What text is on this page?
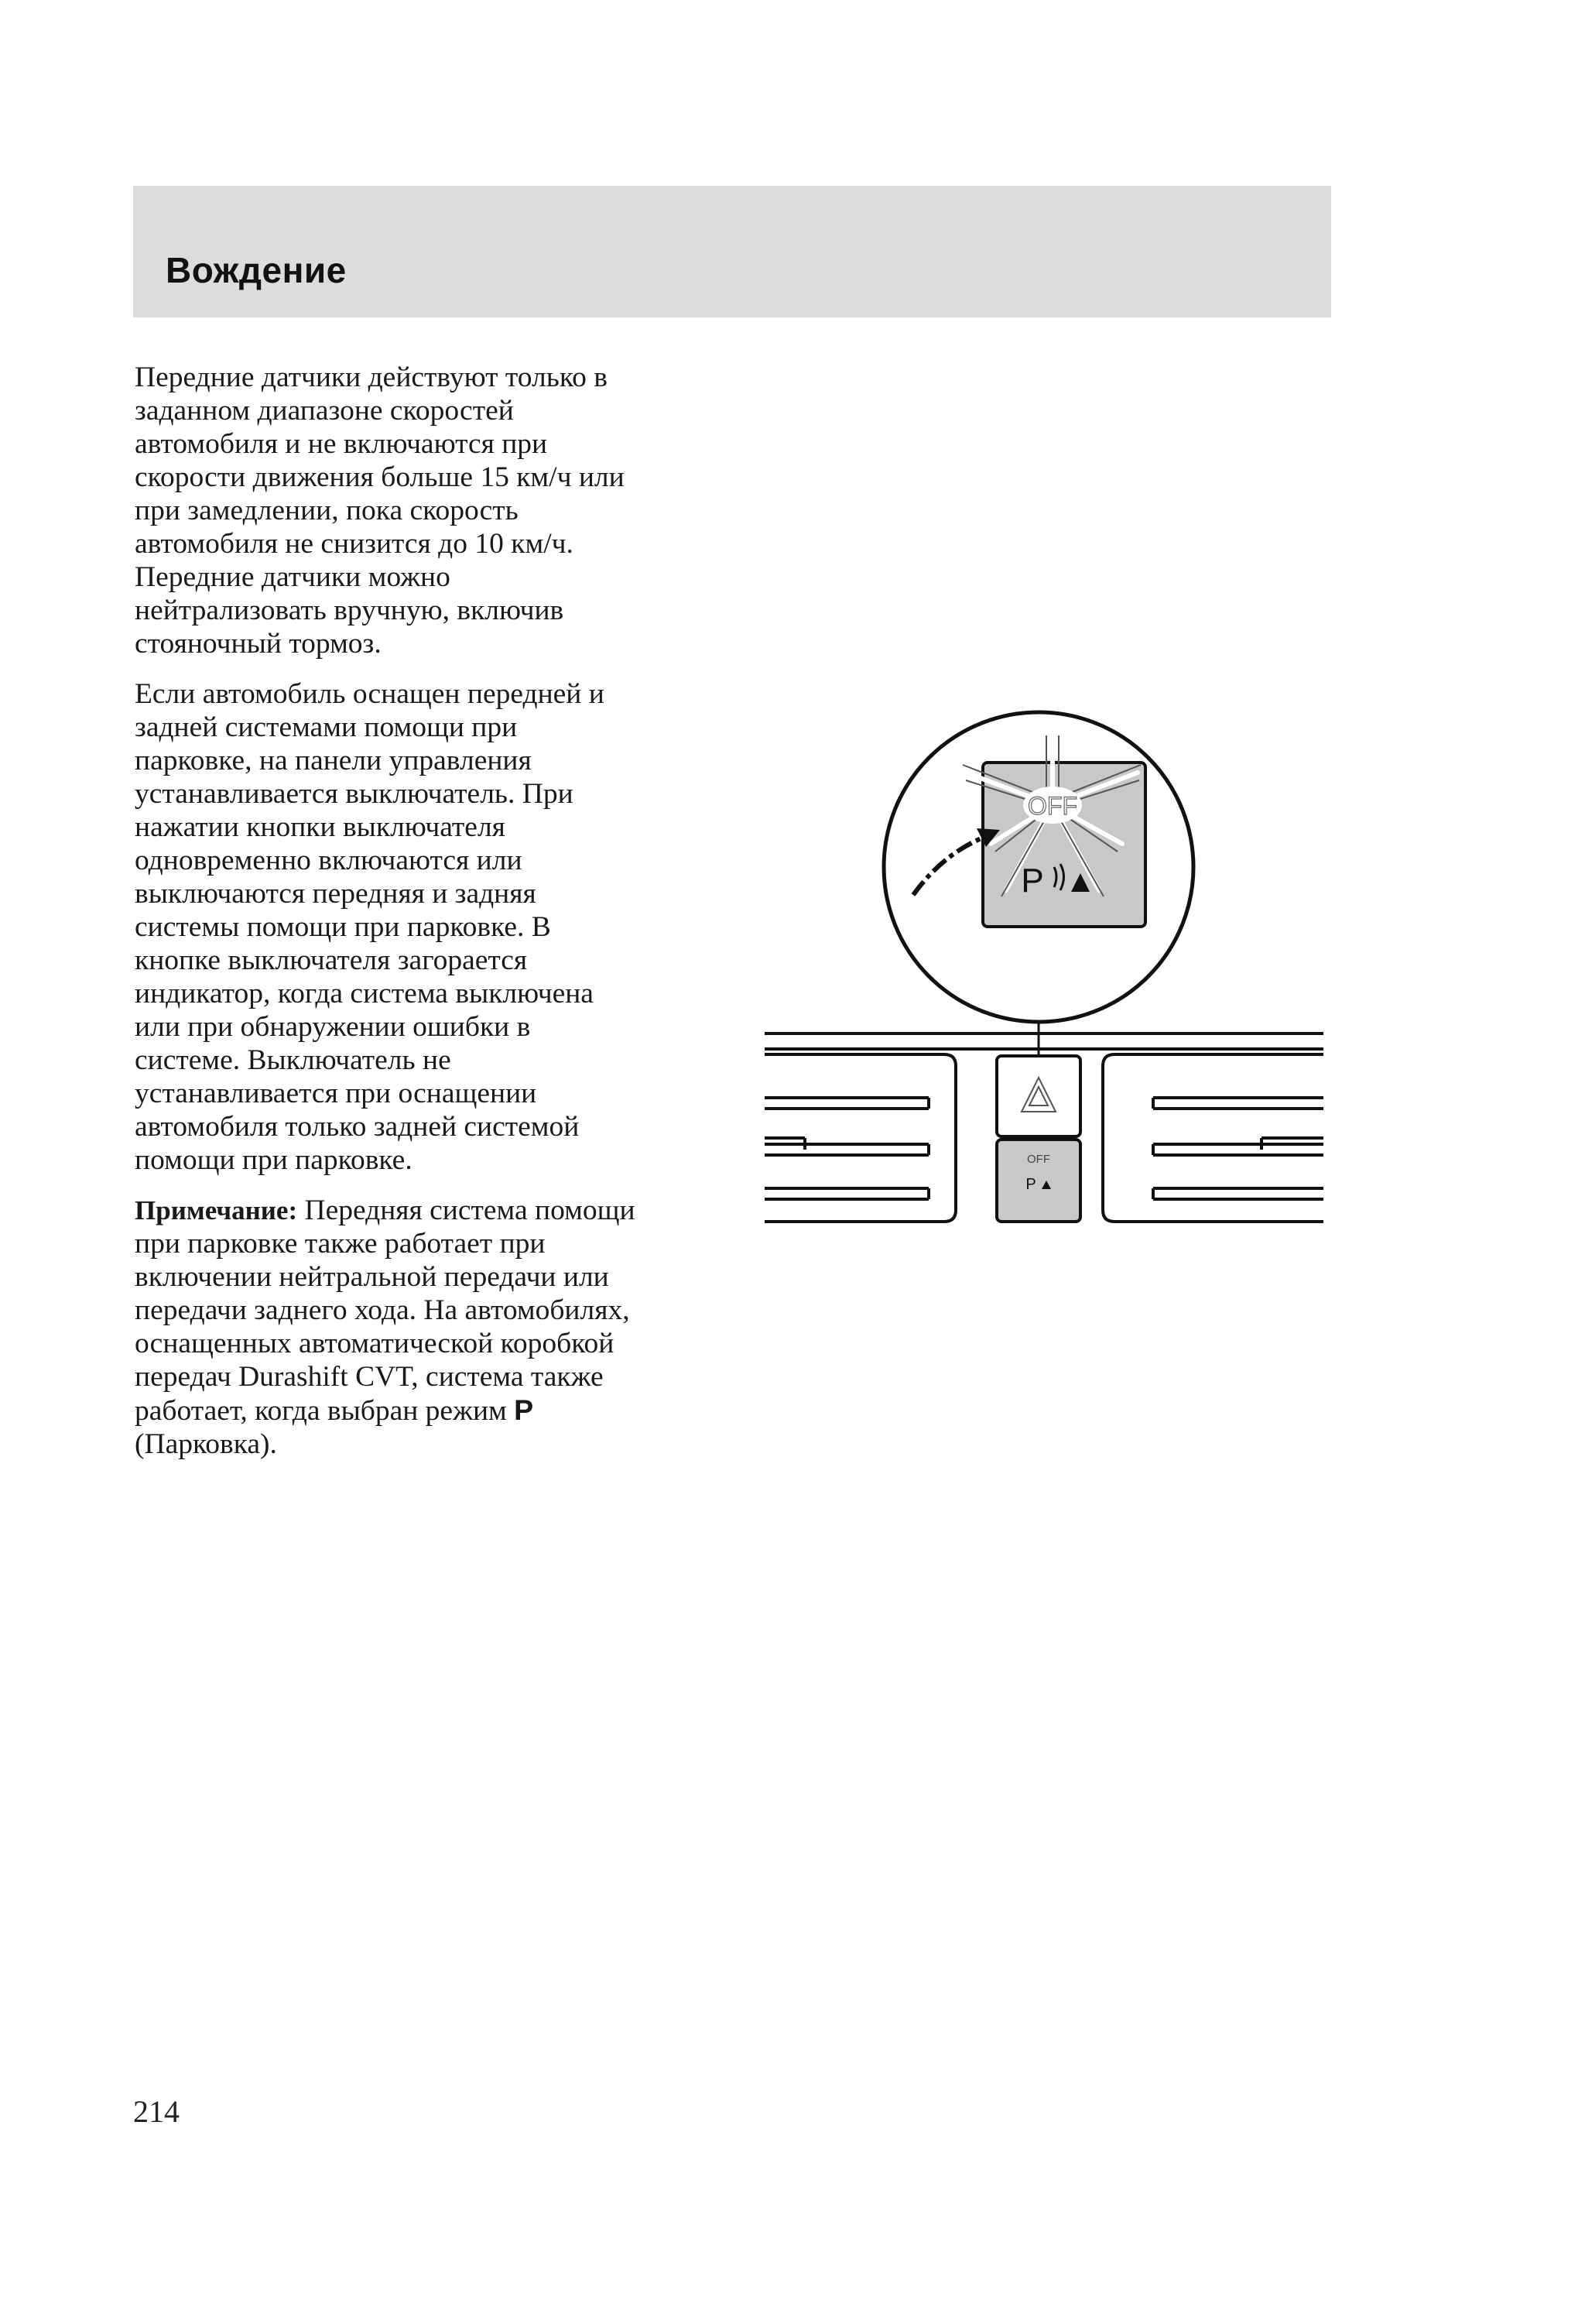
Вождение

Передние датчики действуют только в
заданном диапазоне скоростей
автомобиля и не включаются при
скорости движения больше 15 км/ч или
при замедлении, пока скорость
автомобиля не снизится до 10 км/ч.
Передние датчики можно
нейтрализовать вручную, включив
стояночный тормоз.

Если автомобиль оснащен передней и
задней системами помощи при
парковке, на панели управления
устанавливается выключатель. При
нажатии кнопки выключателя
одновременно включаются или
выключаются передняя и задняя
системы помощи при парковке. В
кнопке выключателя загорается
индикатор, когда система выключена
или при обнаружении ошибки в
системе. Выключатель не
устанавливается при оснащении
автомобиля только задней системой
помощи при парковке.

Примечание: Передняя система помощи
при парковке также работает при
включении нейтральной передачи или
передачи заднего хода. На автомобилях,
оснащенных автоматической коробкой
передач Durashift CVT, система также
работает, когда выбран режим P
(Парковка).

OFF
P
OFF
P
214
